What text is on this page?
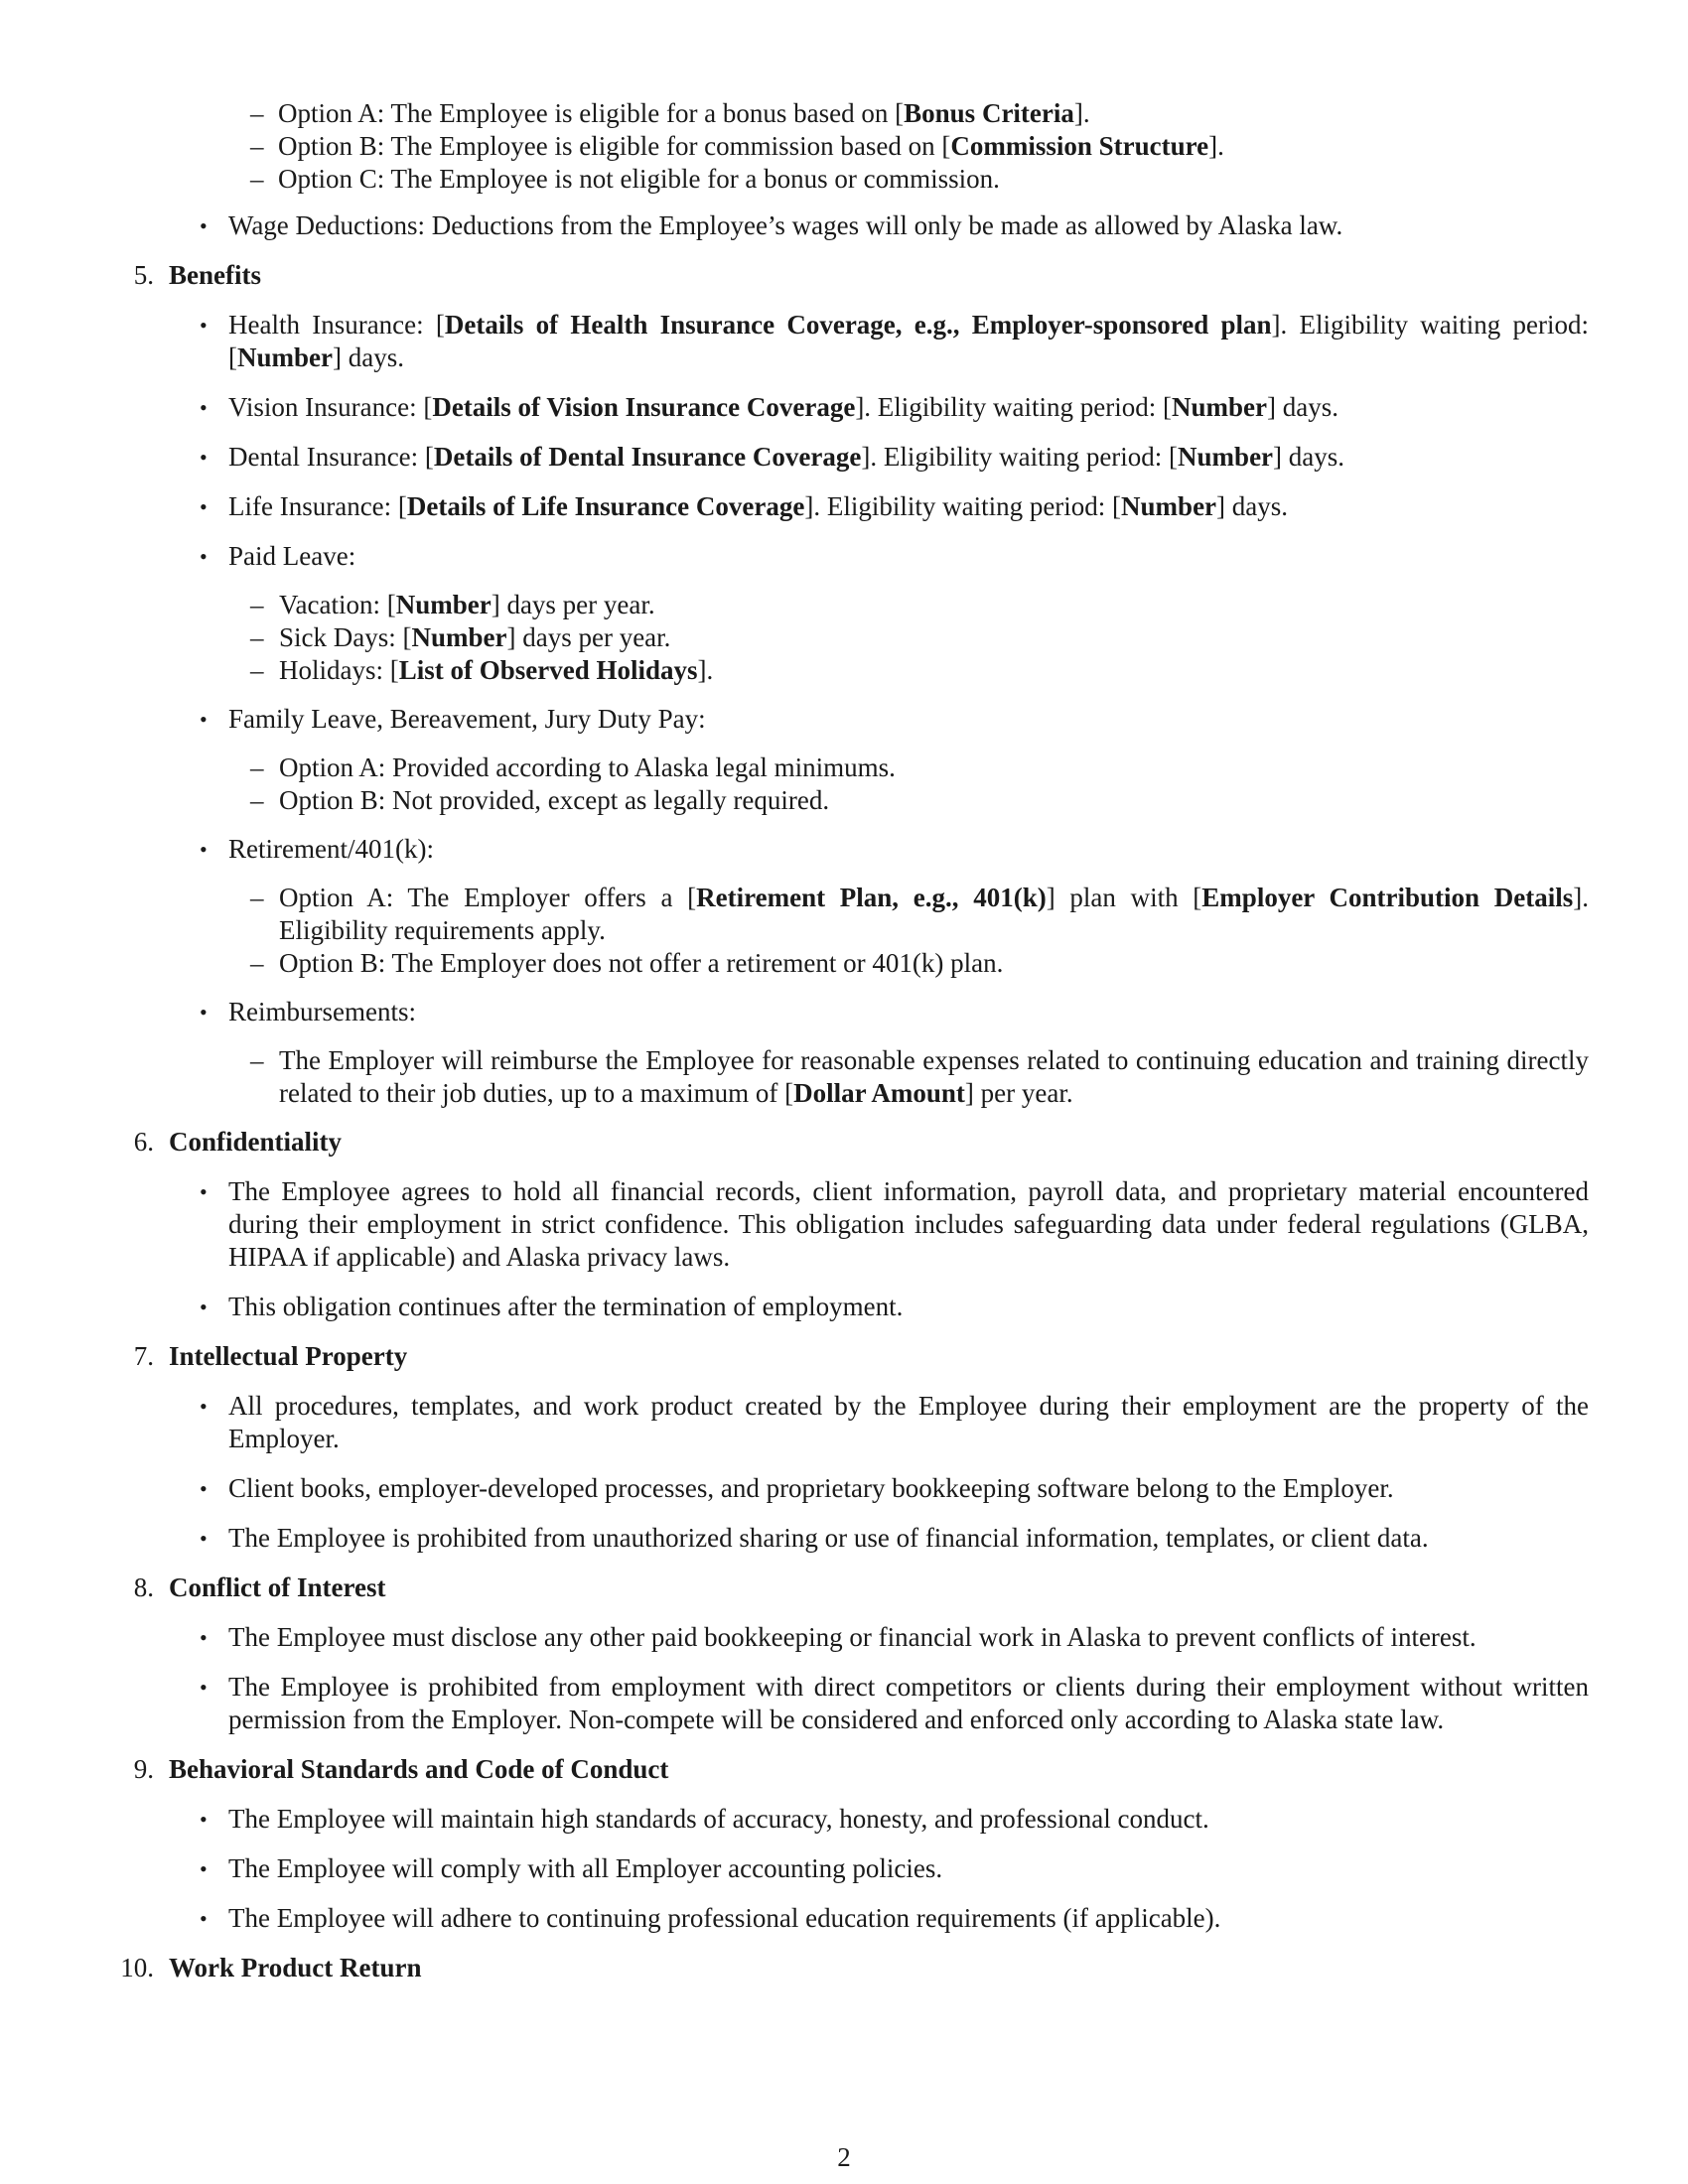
– Option A: The Employee is eligible for a bonus based on [Bonus Criteria].

– Option B: The Employee is eligible for commission based on [Commission Structure].

– Option C: The Employee is not eligible for a bonus or commission.

• Wage Deductions: Deductions from the Employee’s wages will only be made as allowed by Alaska law.

5. Benefits

• Health Insurance: [Details of Health Insurance Coverage, e.g., Employer-sponsored plan]. Eligibility waiting period: [Number] days.

• Vision Insurance: [Details of Vision Insurance Coverage]. Eligibility waiting period: [Number] days.

• Dental Insurance: [Details of Dental Insurance Coverage]. Eligibility waiting period: [Number] days.

• Life Insurance: [Details of Life Insurance Coverage]. Eligibility waiting period: [Number] days.

• Paid Leave:

– Vacation: [Number] days per year.

– Sick Days: [Number] days per year.

– Holidays: [List of Observed Holidays].

• Family Leave, Bereavement, Jury Duty Pay:

– Option A: Provided according to Alaska legal minimums.

– Option B: Not provided, except as legally required.

• Retirement/401(k):

– Option A: The Employer offers a [Retirement Plan, e.g., 401(k)] plan with [Employer Contribution Details]. Eligibility requirements apply.

– Option B: The Employer does not offer a retirement or 401(k) plan.

• Reimbursements:

– The Employer will reimburse the Employee for reasonable expenses related to continuing education and training directly related to their job duties, up to a maximum of [Dollar Amount] per year.

6. Confidentiality

• The Employee agrees to hold all financial records, client information, payroll data, and proprietary material encountered during their employment in strict confidence. This obligation includes safeguarding data under federal regulations (GLBA, HIPAA if applicable) and Alaska privacy laws.

• This obligation continues after the termination of employment.

7. Intellectual Property

• All procedures, templates, and work product created by the Employee during their employment are the property of the Employer.

• Client books, employer-developed processes, and proprietary bookkeeping software belong to the Employer.

• The Employee is prohibited from unauthorized sharing or use of financial information, templates, or client data.

8. Conflict of Interest

• The Employee must disclose any other paid bookkeeping or financial work in Alaska to prevent conflicts of interest.

• The Employee is prohibited from employment with direct competitors or clients during their employment without written permission from the Employer. Non-compete will be considered and enforced only according to Alaska state law.

9. Behavioral Standards and Code of Conduct

• The Employee will maintain high standards of accuracy, honesty, and professional conduct.

• The Employee will comply with all Employer accounting policies.

• The Employee will adhere to continuing professional education requirements (if applicable).

10. Work Product Return

2
